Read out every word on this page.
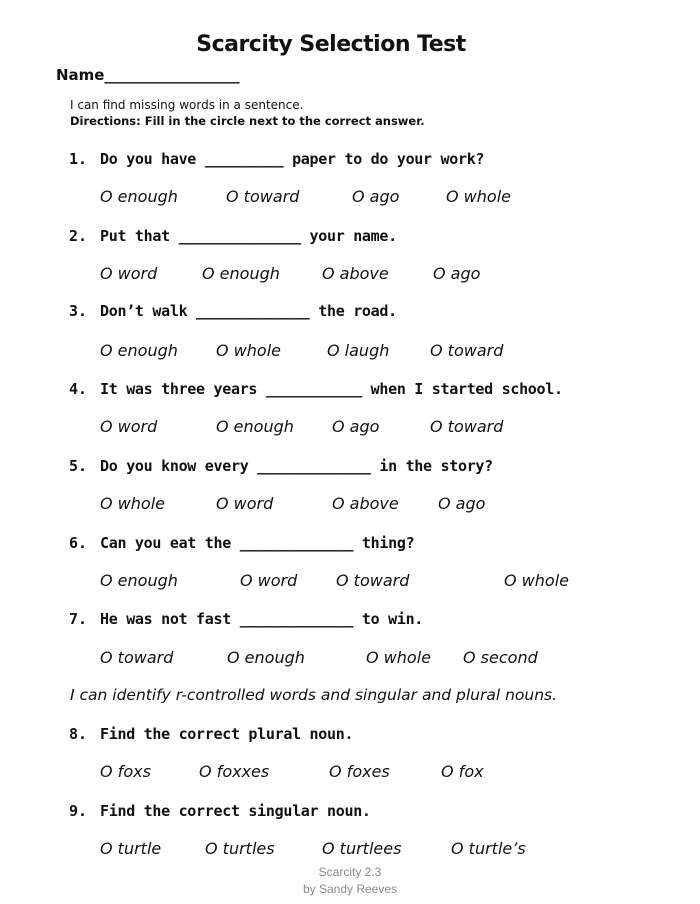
Scarcity Selection Test
Name__________________
I can find missing words in a sentence.
Directions: Fill in the circle next to the correct answer.
1. Do you have _________ paper to do your work?
O enough	O toward	O ago	O whole
2. Put that ______________ your name.
O word	O enough	O above	O ago
3. Don’t walk _____________ the road.
O enough O whole	O laugh	O toward
4. It was three years ___________ when I started school.
O word	O enough O ago	O toward
5. Do you know every _____________ in the story?
O whole	O word	O above O ago
6. Can you eat the _____________ thing?
O enough	O word O toward	O whole
7. He was not fast _____________ to win.
O toward	O enough	O whole O second
I can identify r-controlled words and singular and plural nouns.
8. Find the correct plural noun.
O foxs	O foxxes	O foxes	O fox
9. Find the correct singular noun.
O turtle	O turtles	O turtlees	O turtle’s
Scarcity 2.3
by Sandy Reeves
